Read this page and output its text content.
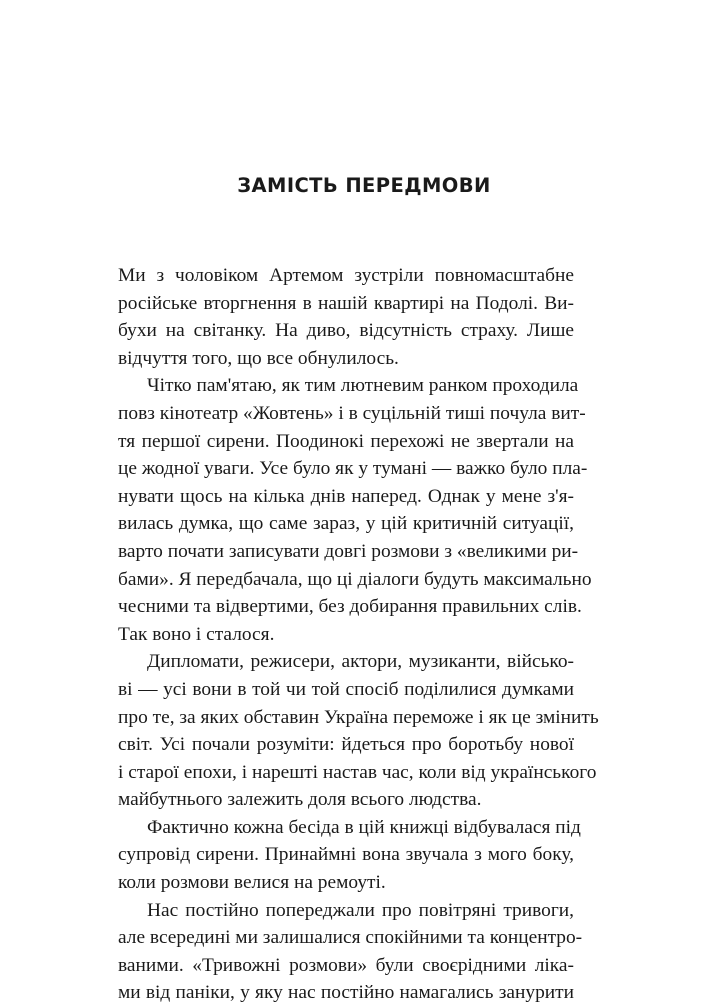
ЗАМІСТЬ ПЕРЕДМОВИ
Ми з чоловіком Артемом зустріли повномасштабне
російське вторгнення в нашій квартирі на Подолі. Ви-
бухи на світанку. На диво, відсутність страху. Лише
відчуття того, що все обнулилось.
Чітко пам'ятаю, як тим лютневим ранком проходила
повз кінотеатр «Жовтень» і в суцільній тиші почула вит-
тя першої сирени. Поодинокі перехожі не звертали на
це жодної уваги. Усе було як у тумані — важко було пла-
нувати щось на кілька днів наперед. Однак у мене з'я-
вилась думка, що саме зараз, у цій критичній ситуації,
варто почати записувати довгі розмови з «великими ри-
бами». Я передбачала, що ці діалоги будуть максимально
чесними та відвертими, без добирання правильних слів.
Так воно і сталося.
Дипломати, режисери, актори, музиканти, військо-
ві — усі вони в той чи той спосіб поділилися думками
про те, за яких обставин Україна переможе і як це змінить
світ. Усі почали розуміти: йдеться про боротьбу нової
і старої епохи, і нарешті настав час, коли від українського
майбутнього залежить доля всього людства.
Фактично кожна бесіда в цій книжці відбувалася під
супровід сирени. Принаймні вона звучала з мого боку,
коли розмови велися на ремоуті.
Нас постійно попереджали про повітряні тривоги,
але всередині ми залишалися спокійними та концентро-
ваними. «Тривожні розмови» були своєрідними ліка-
ми від паніки, у яку нас постійно намагались занурити
